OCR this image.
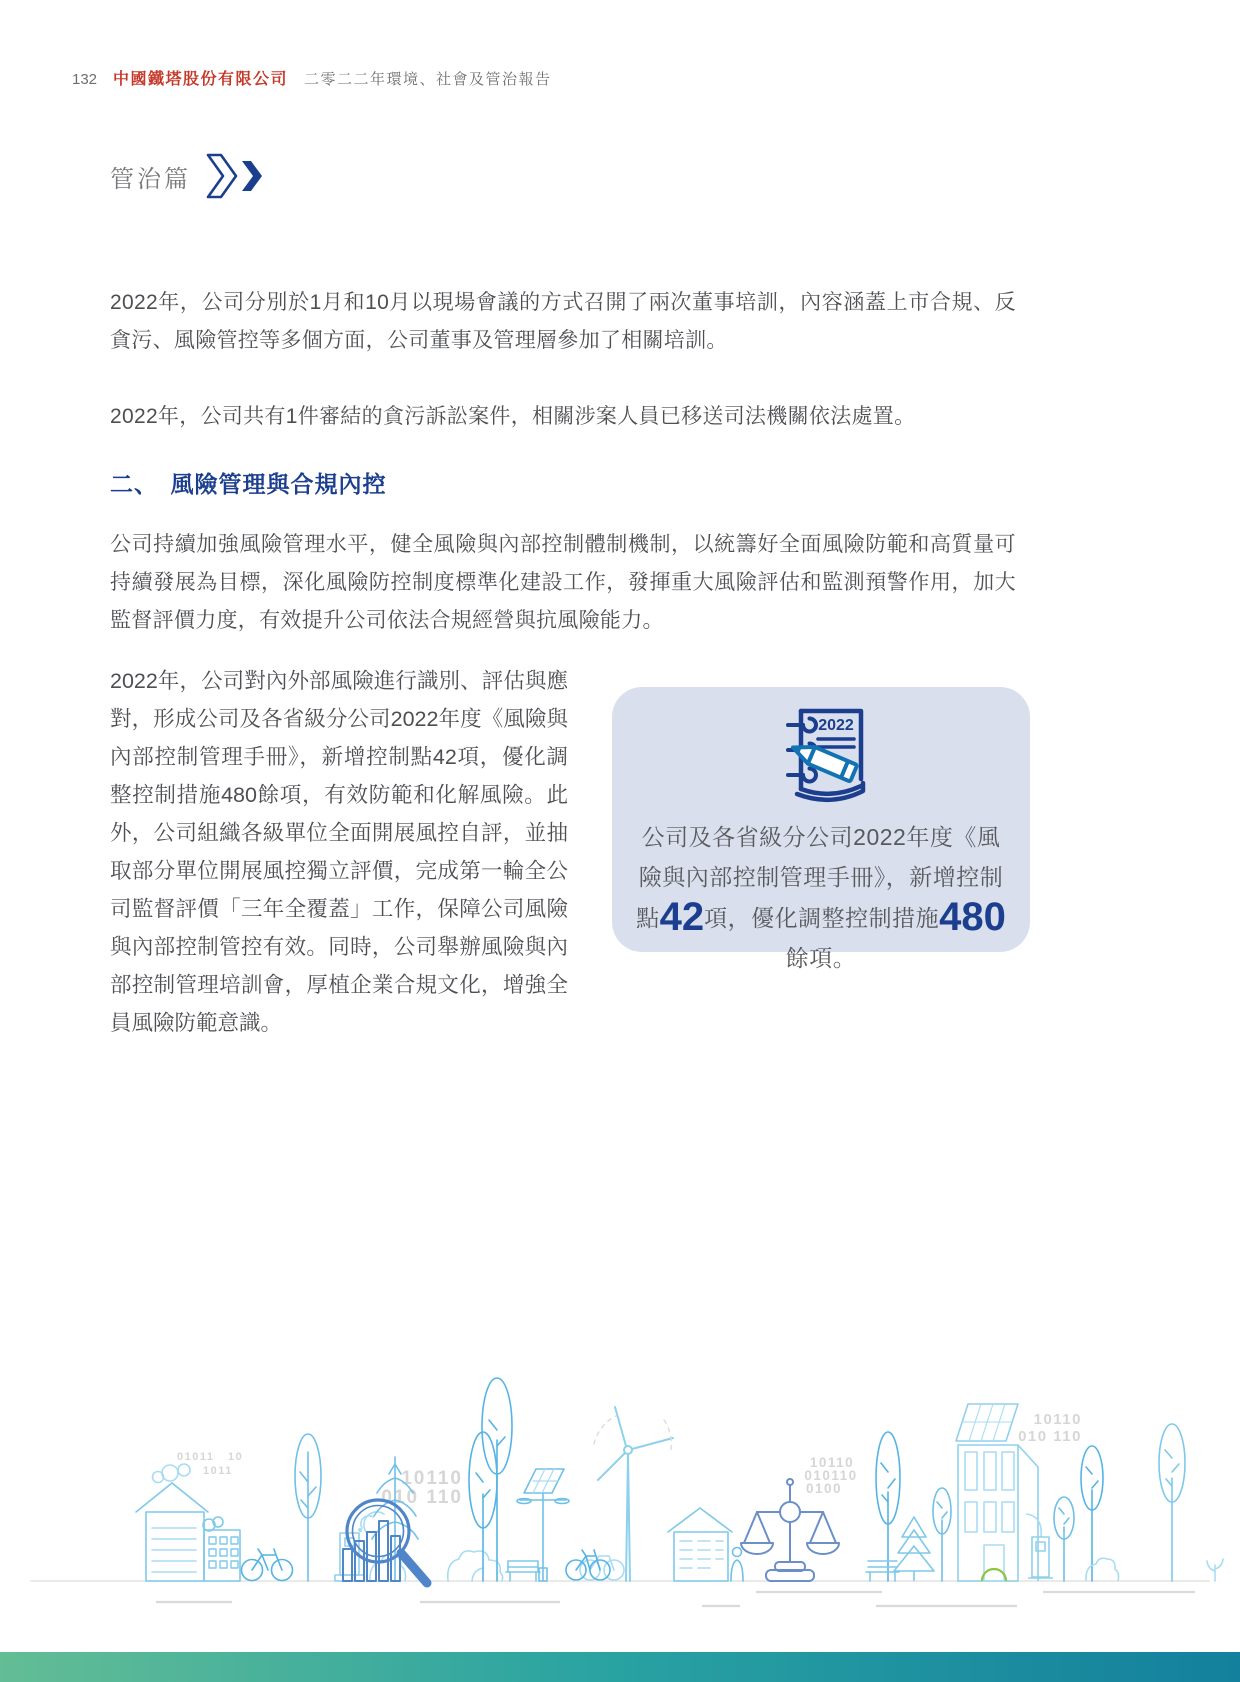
132 中國鐵塔股份有限公司 二零二二年環境、社會及管治報告
管治篇
2022年，公司分別於1月和10月以現場會議的方式召開了兩次董事培訓，內容涵蓋上市合規、反貪污、風險管控等多個方面，公司董事及管理層參加了相關培訓。
2022年，公司共有1件審結的貪污訴訟案件，相關涉案人員已移送司法機關依法處置。
二、　風險管理與合規內控
公司持續加強風險管理水平，健全風險與內部控制體制機制，以統籌好全面風險防範和高質量可持續發展為目標，深化風險防控制度標準化建設工作，發揮重大風險評估和監測預警作用，加大監督評價力度，有效提升公司依法合規經營與抗風險能力。
2022年，公司對內外部風險進行識別、評估與應對，形成公司及各省級分公司2022年度《風險與內部控制管理手冊》，新增控制點42項，優化調整控制措施480餘項，有效防範和化解風險。此外，公司組織各級單位全面開展風控自評，並抽取部分單位開展風控獨立評價，完成第一輪全公司監督評價「三年全覆蓋」工作，保障公司風險與內部控制管控有效。同時，公司舉辦風險與內部控制管理培訓會，厚植企業合規文化，增強全員風險防範意識。
2022
公司及各省級分公司2022年度《風險與內部控制管理手冊》，新增控制點42項，優化調整控制措施480餘項。
01011 10
1011	10110
010 110
10110
010110
0100
10110
010 110
